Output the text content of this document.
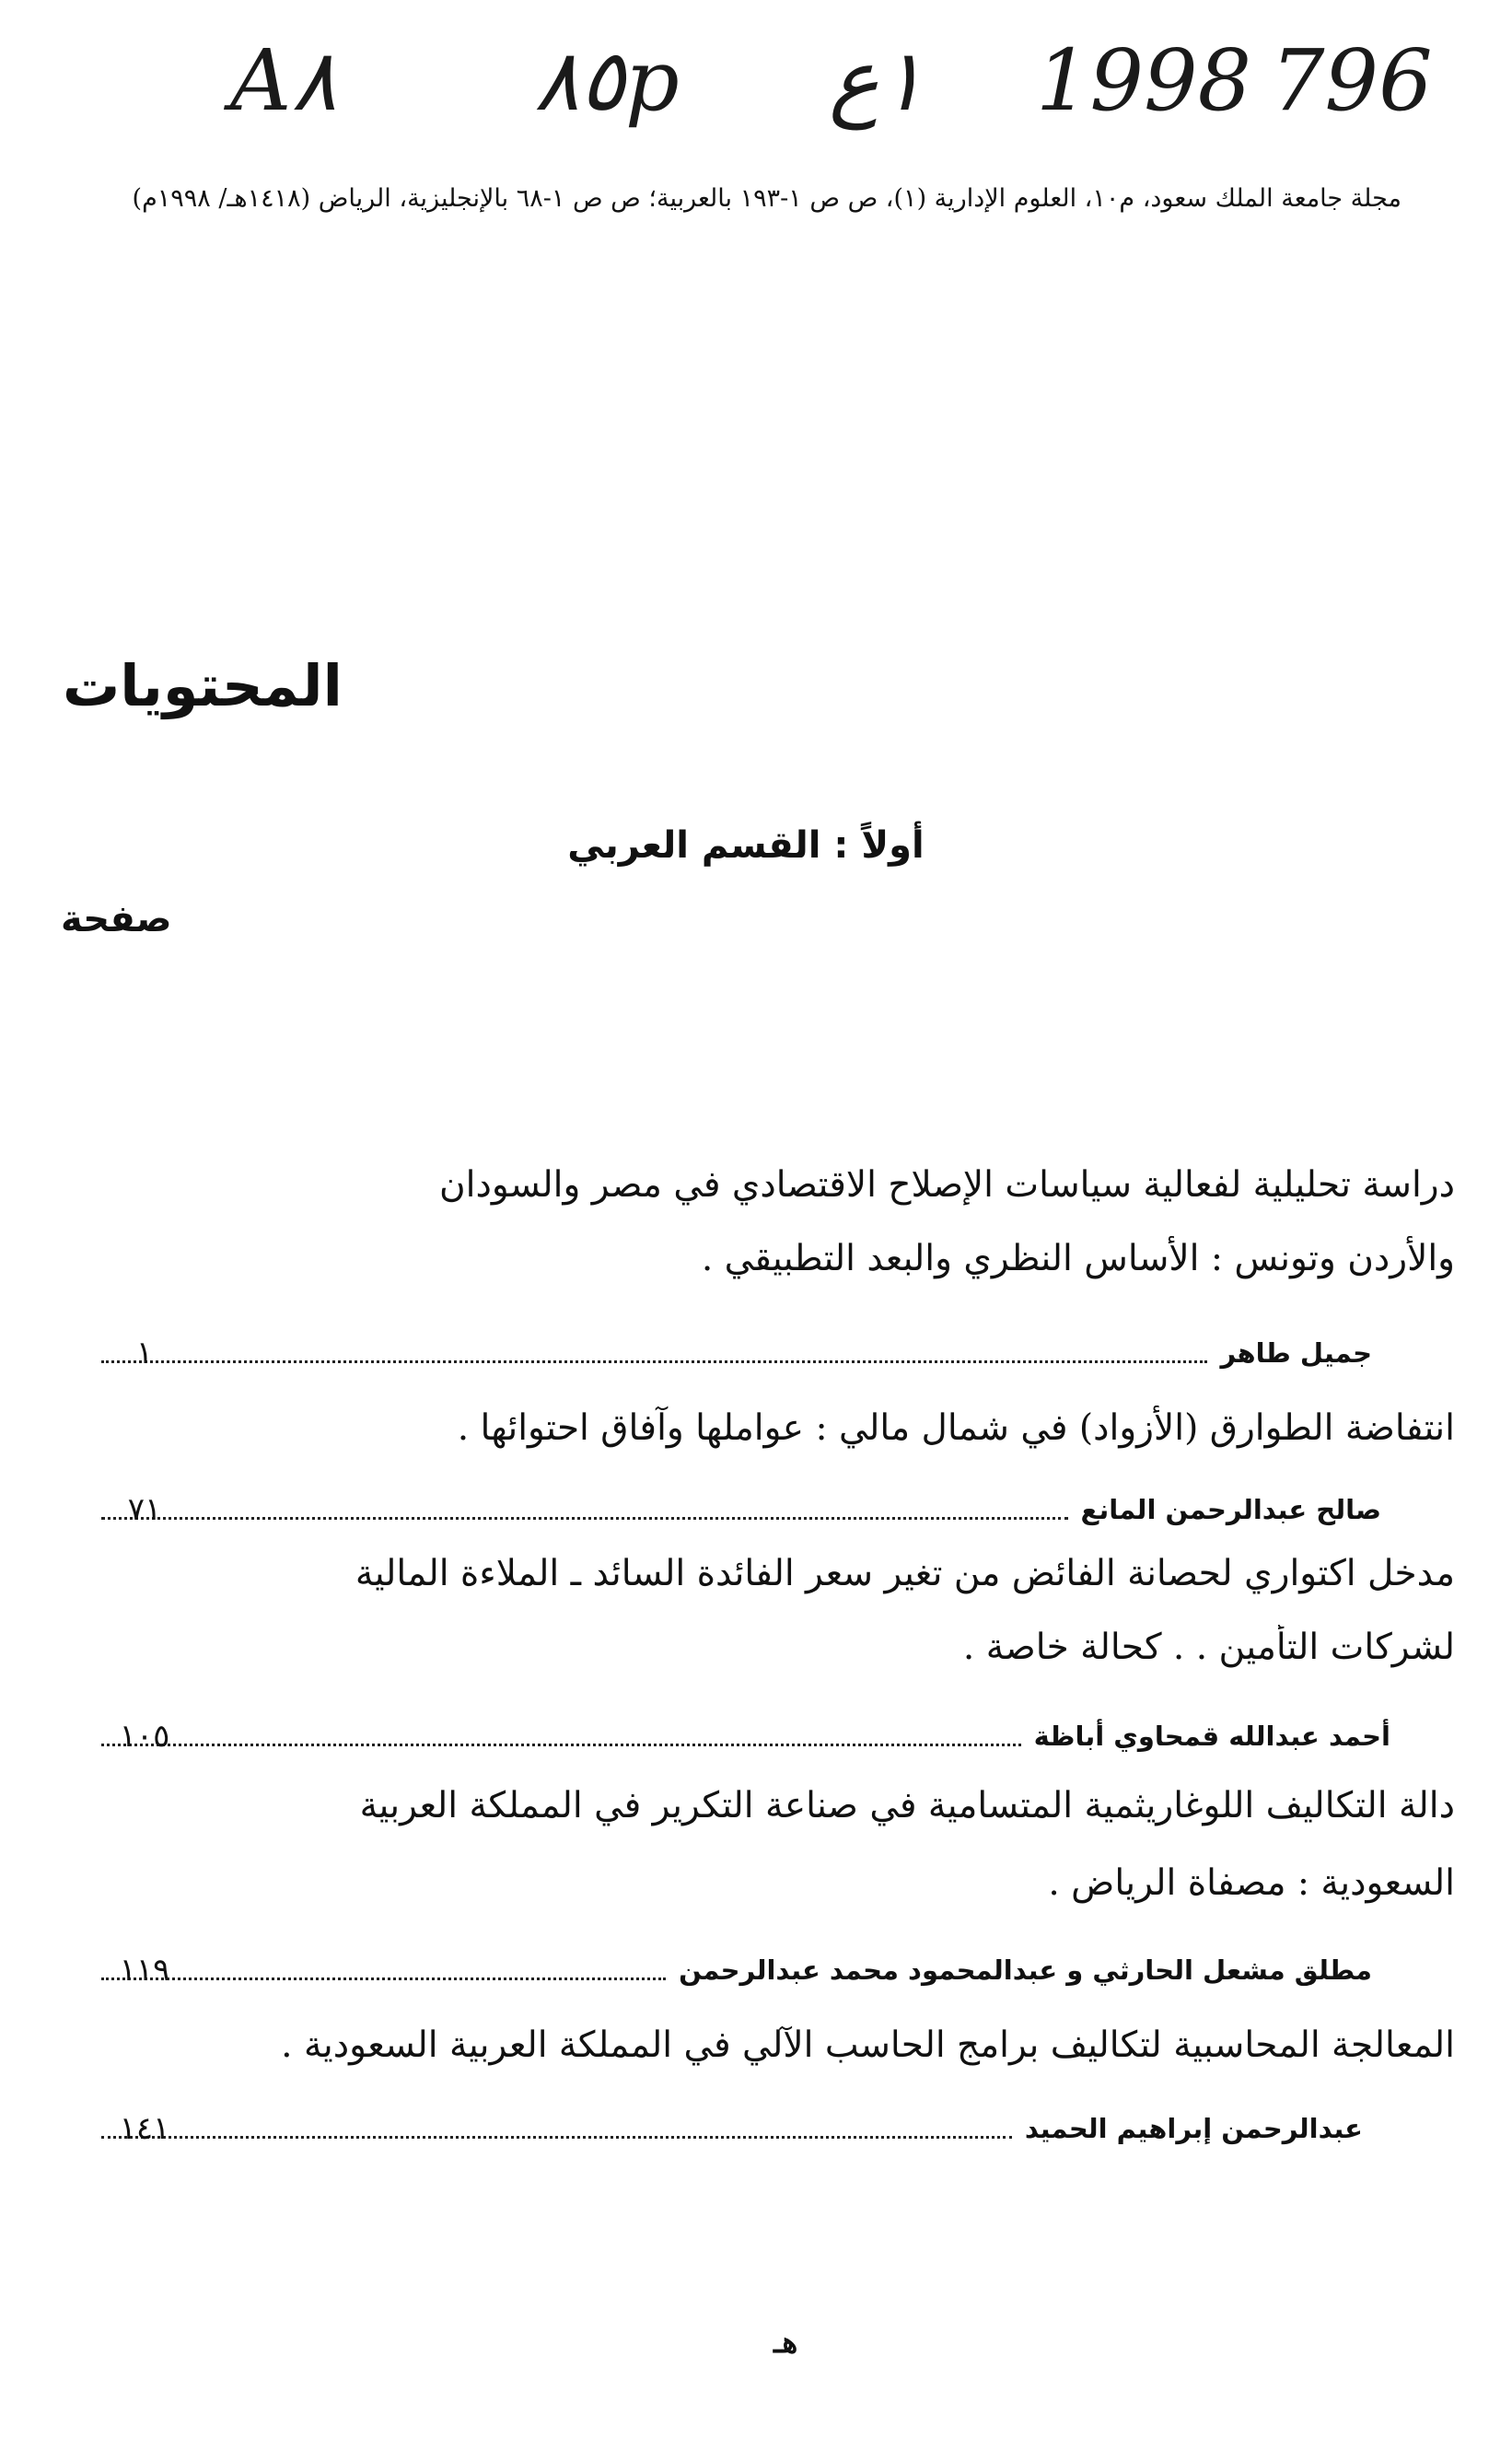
A٨ ٨٥p ١ع 1998 796
مجلة جامعة الملك سعود، م١٠، العلوم الإدارية (١)، ص ص ١-١٩٣ بالعربية؛ ص ص ١-٦٨ بالإنجليزية، الرياض (١٤١٨هـ/ ١٩٩٨م)
المحتويات
أولاً : القسم العربي
صفحة
دراسة تحليلية لفعالية سياسات الإصلاح الاقتصادي في مصر والسودان
والأردن وتونس : الأساس النظري والبعد التطبيقي .
جميل طاهر
١
انتفاضة الطوارق (الأزواد) في شمال مالي : عواملها وآفاق احتوائها .
صالح عبدالرحمن المانع
٧١
مدخل اكتواري لحصانة الفائض من تغير سعر الفائدة السائد ـ الملاءة المالية
لشركات التأمين . . كحالة خاصة .
أحمد عبدالله قمحاوي أباظة
١٠٥
دالة التكاليف اللوغاريثمية المتسامية في صناعة التكرير في المملكة العربية
السعودية : مصفاة الرياض .
مطلق مشعل الحارثي و عبدالمحمود محمد عبدالرحمن
١١٩
المعالجة المحاسبية لتكاليف برامج الحاسب الآلي في المملكة العربية السعودية .
عبدالرحمن إبراهيم الحميد
١٤١
هـ
